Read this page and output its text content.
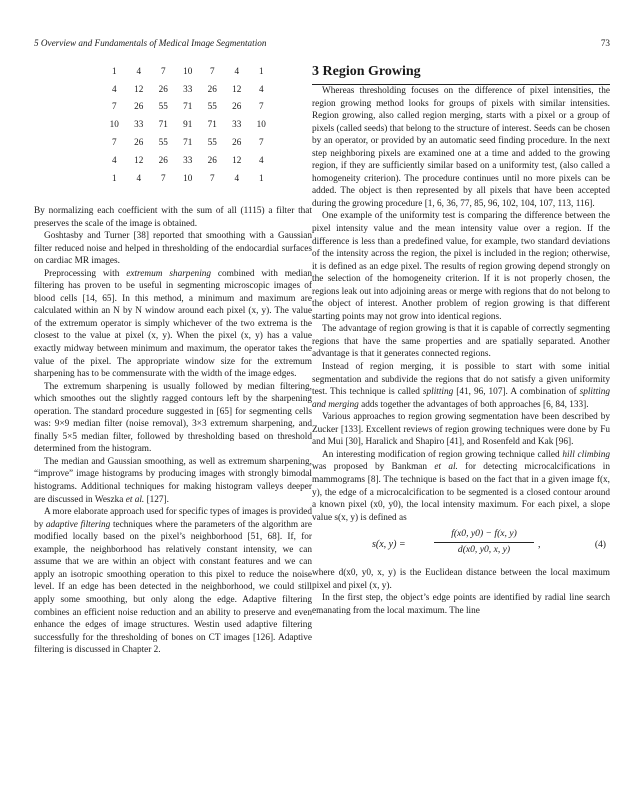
5 Overview and Fundamentals of Medical Image Segmentation	73
1	4	7	10	7	4	1
4	12	26	33	26	12	4
7	26	55	71	55	26	7
10	33	71	91	71	33	10
7	26	55	71	55	26	7
4	12	26	33	26	12	4
1	4	7	10	7	4	1

By normalizing each coefficient with the sum of all (1115) a filter that preserves the scale of the image is obtained.

Goshtasby and Turner [38] reported that smoothing with a Gaussian filter reduced noise and helped in thresholding of the endocardial surfaces on cardiac MR images.

Preprocessing with extremum sharpening combined with median filtering has proven to be useful in segmenting microscopic images of blood cells [14, 65]. In this method, a minimum and maximum are calculated within an N by N window around each pixel (x, y). The value of the extremum operator is simply whichever of the two extrema is the closest to the value at pixel (x, y). When the pixel (x, y) has a value exactly midway between minimum and maximum, the operator takes the value of the pixel. The appropriate window size for the extremum sharpening has to be commensurate with the width of the image edges.

The extremum sharpening is usually followed by median filtering, which smoothes out the slightly ragged contours left by the sharpening operation. The standard procedure suggested in [65] for segmenting cells was: 9×9 median filter (noise removal), 3×3 extremum sharpening, and finally 5×5 median filter, followed by thresholding based on threshold determined from the histogram.

The median and Gaussian smoothing, as well as extremum sharpening, “improve” image histograms by producing images with strongly bimodal histograms. Additional techniques for making histogram valleys deeper are discussed in Weszka et al. [127].

A more elaborate approach used for specific types of images is provided by adaptive filtering techniques where the parameters of the algorithm are modified locally based on the pixel’s neighborhood [51, 68]. If, for example, the neighborhood has relatively constant intensity, we can assume that we are within an object with constant features and we can apply an isotropic smoothing operation to this pixel to reduce the noise level. If an edge has been detected in the neighborhood, we could still apply some smoothing, but only along the edge. Adaptive filtering combines an efficient noise reduction and an ability to preserve and even enhance the edges of image structures. Westin used adaptive filtering successfully for the thresholding of bones on CT images [126]. Adaptive filtering is discussed in Chapter 2.

3 Region Growing

Whereas thresholding focuses on the difference of pixel intensities, the region growing method looks for groups of pixels with similar intensities. Region growing, also called region merging, starts with a pixel or a group of pixels (called seeds) that belong to the structure of interest. Seeds can be chosen by an operator, or provided by an automatic seed finding procedure. In the next step neighboring pixels are examined one at a time and added to the growing region, if they are sufficiently similar based on a uniformity test, (also called a homogeneity criterion). The procedure continues until no more pixels can be added. The object is then represented by all pixels that have been accepted during the growing procedure [1, 6, 36, 77, 85, 96, 102, 104, 107, 113, 116].

One example of the uniformity test is comparing the difference between the pixel intensity value and the mean intensity value over a region. If the difference is less than a predefined value, for example, two standard deviations of the intensity across the region, the pixel is included in the region; otherwise, it is defined as an edge pixel. The results of region growing depend strongly on the selection of the homogeneity criterion. If it is not properly chosen, the regions leak out into adjoining areas or merge with regions that do not belong to the object of interest. Another problem of region growing is that different starting points may not grow into identical regions.

The advantage of region growing is that it is capable of correctly segmenting regions that have the same properties and are spatially separated. Another advantage is that it generates connected regions.

Instead of region merging, it is possible to start with some initial segmentation and subdivide the regions that do not satisfy a given uniformity test. This technique is called splitting [41, 96, 107]. A combination of splitting and merging adds together the advantages of both approaches [6, 84, 133].

Various approaches to region growing segmentation have been described by Zucker [133]. Excellent reviews of region growing techniques were done by Fu and Mui [30], Haralick and Shapiro [41], and Rosenfeld and Kak [96].

An interesting modification of region growing technique called hill climbing was proposed by Bankman et al. for detecting microcalcifications in mammograms [8]. The technique is based on the fact that in a given image f(x, y), the edge of a microcalcification to be segmented is a closed contour around a known pixel (x0, y0), the local intensity maximum. For each pixel, a slope value s(x, y) is defined as

s(x, y) =	$\frac{f(x0, y0) - f(x, y)}{d(x0, y0, x, y)}$ ,	(4)

where d(x0, y0, x, y) is the Euclidean distance between the local maximum pixel and pixel (x, y).

In the first step, the object’s edge points are identified by radial line search emanating from the local maximum. The line
